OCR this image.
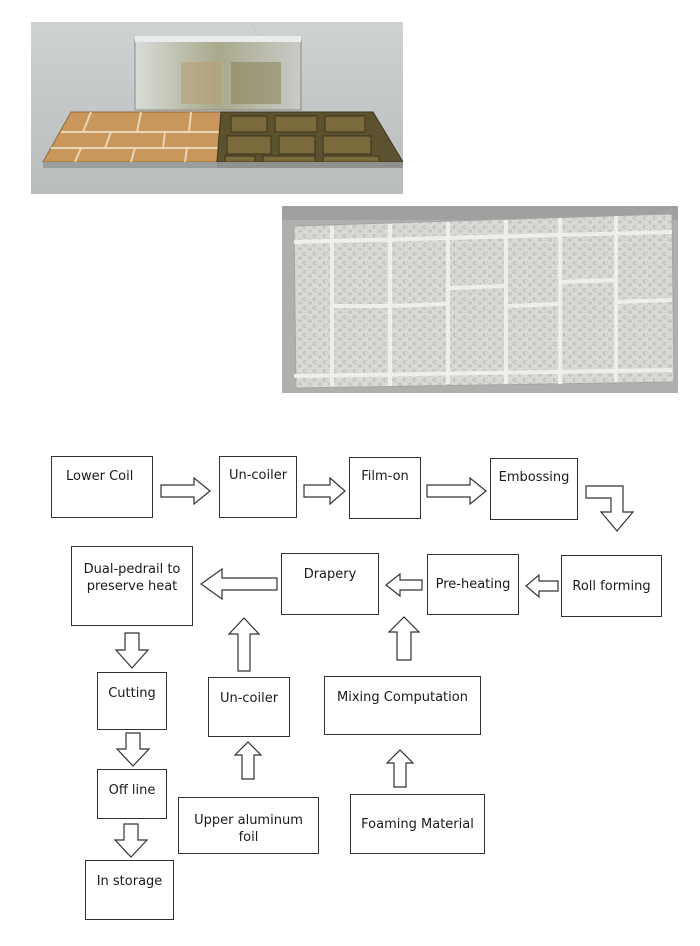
Lower Coil	Un-coiler	Film-on	Embossing
Roll forming
Pre-heating
Drapery
Dual-pedrail to preserve heat
Cutting
Off line
In storage
Un-coiler
Upper aluminum foil
Mixing Computation
Foaming Material
